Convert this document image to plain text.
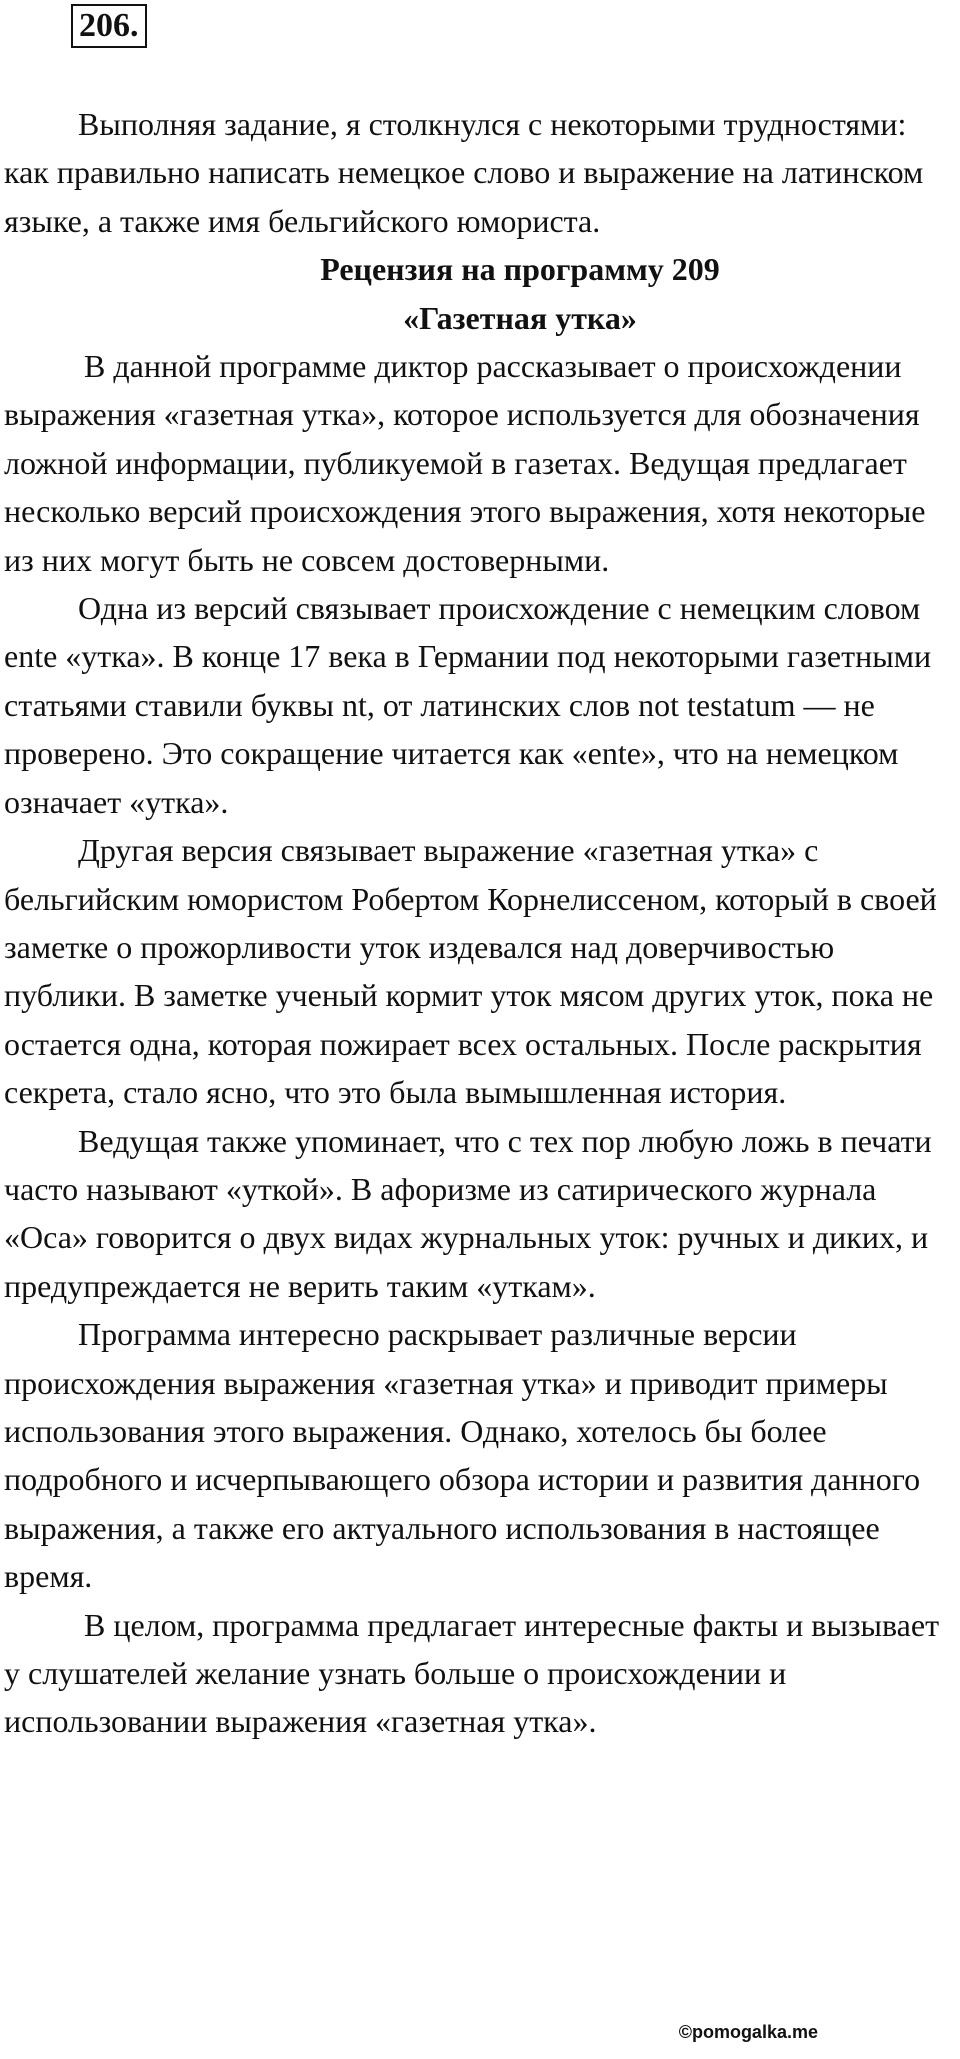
206.

Выполняя задание, я столкнулся с некоторыми трудностями: как правильно написать немецкое слово и выражение на латинском языке, а также имя бельгийского юмориста.

Рецензия на программу 209

«Газетная утка»

В данной программе диктор рассказывает о происхождении выражения «газетная утка», которое используется для обозначения ложной информации, публикуемой в газетах. Ведущая предлагает несколько версий происхождения этого выражения, хотя некоторые из них могут быть не совсем достоверными.

Одна из версий связывает происхождение с немецким словом ente «утка». В конце 17 века в Германии под некоторыми газетными статьями ставили буквы nt, от латинских слов not testatum — не проверено. Это сокращение читается как «ente», что на немецком означает «утка».

Другая версия связывает выражение «газетная утка» с бельгийским юмористом Робертом Корнелиссеном, который в своей заметке о прожорливости уток издевался над доверчивостью публики. В заметке ученый кормит уток мясом других уток, пока не остается одна, которая пожирает всех остальных. После раскрытия секрета, стало ясно, что это была вымышленная история.

Ведущая также упоминает, что с тех пор любую ложь в печати часто называют «уткой». В афоризме из сатирического журнала «Оса» говорится о двух видах журнальных уток: ручных и диких, и предупреждается не верить таким «уткам».

Программа интересно раскрывает различные версии происхождения выражения «газетная утка» и приводит примеры использования этого выражения. Однако, хотелось бы более подробного и исчерпывающего обзора истории и развития данного выражения, а также его актуального использования в настоящее время.

В целом, программа предлагает интересные факты и вызывает у слушателей желание узнать больше о происхождении и использовании выражения «газетная утка».

©pomogalka.me
